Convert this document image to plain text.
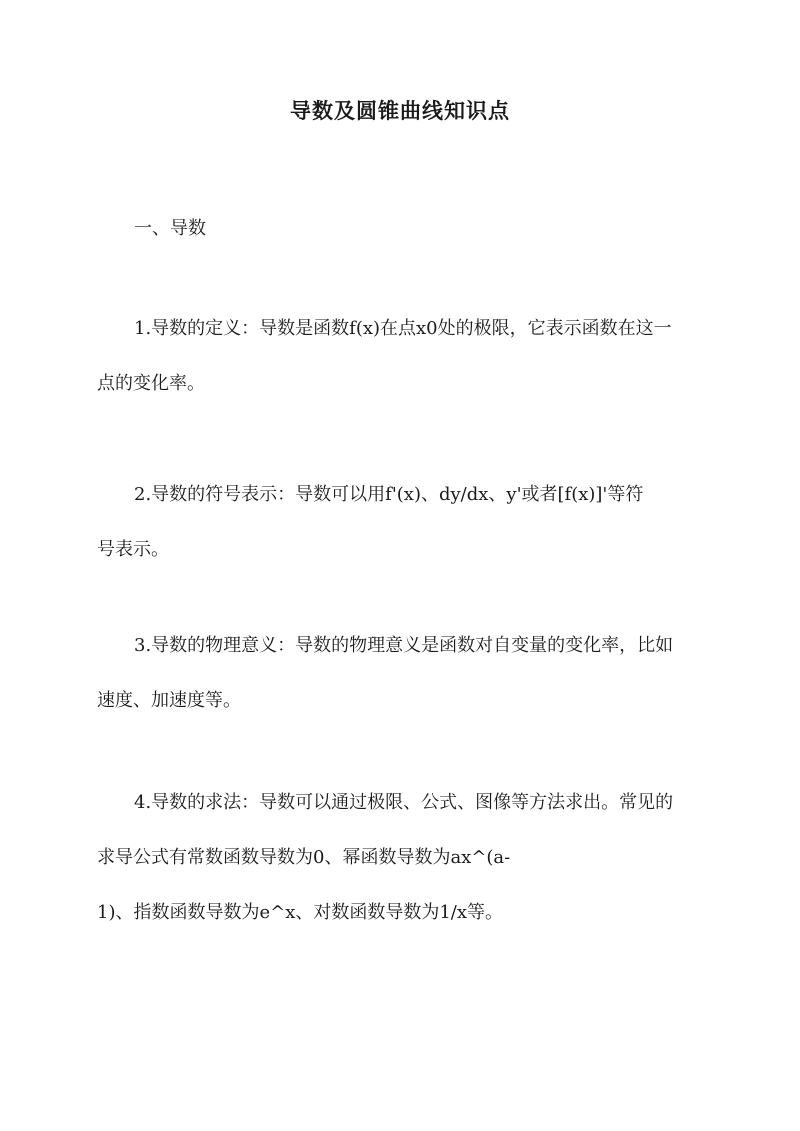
导数及圆锥曲线知识点
一、导数
1.导数的定义：导数是函数f(x)在点x0处的极限，它表示函数在这一
点的变化率。
2.导数的符号表示：导数可以用f'(x)、dy/dx、y'或者[f(x)]'等符
号表示。
3.导数的物理意义：导数的物理意义是函数对自变量的变化率，比如
速度、加速度等。
4.导数的求法：导数可以通过极限、公式、图像等方法求出。常见的
求导公式有常数函数导数为0、幂函数导数为ax^(a-
1)、指数函数导数为e^x、对数函数导数为1/x等。
